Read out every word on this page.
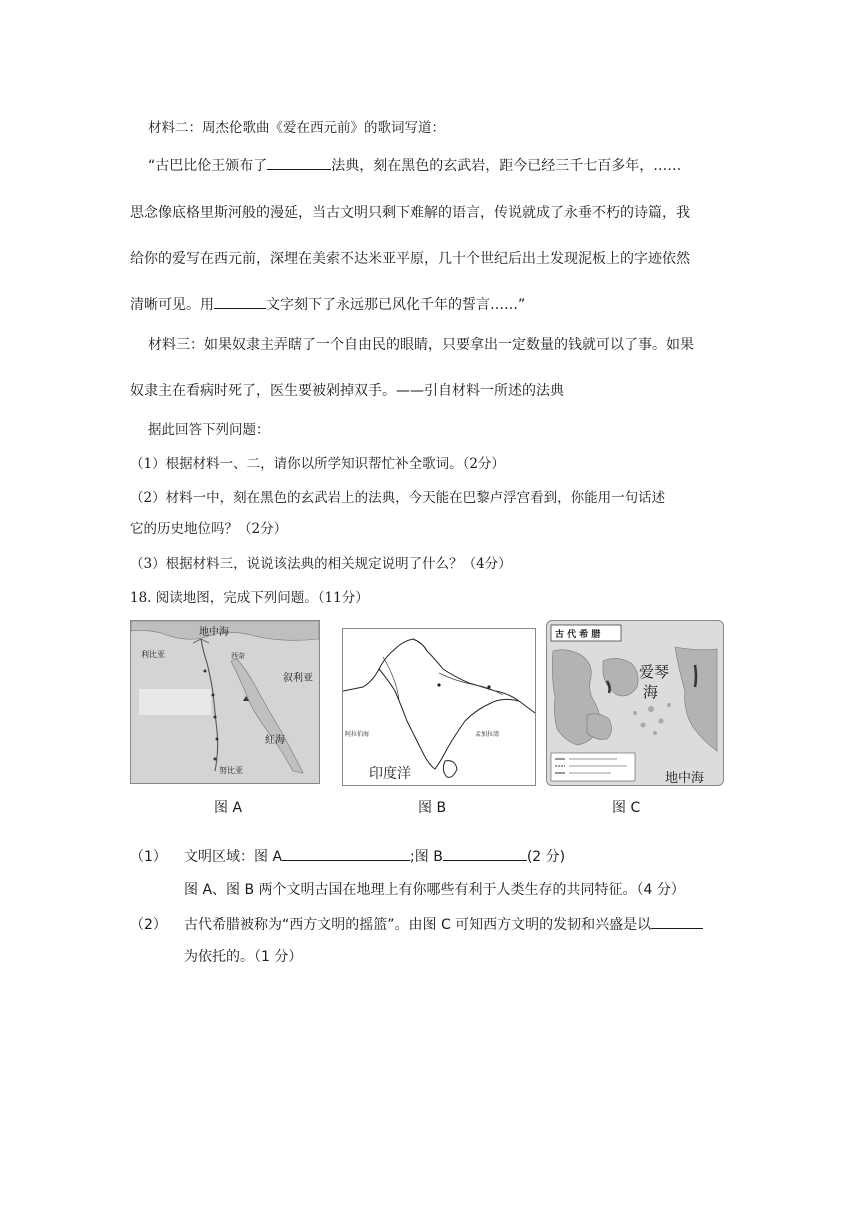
材料二：周杰伦歌曲《爱在西元前》的歌词写道：
“古巴比伦王颁布了	法典，刻在黑色的玄武岩，距今已经三千七百多年，……
思念像底格里斯河般的漫延，当古文明只剩下难解的语言，传说就成了永垂不朽的诗篇，我
给你的爱写在西元前，深埋在美索不达米亚平原，几十个世纪后出土发现泥板上的字迹依然
清晰可见。用	文字刻下了永远那已风化千年的誓言……”
材料三：如果奴隶主弄瞎了一个自由民的眼睛，只要拿出一定数量的钱就可以了事。如果
奴隶主在看病时死了，医生要被剁掉双手。——引自材料一所述的法典
据此回答下列问题：
（1）根据材料一、二，请你以所学知识帮忙补全歌词。（2分）
（2）材料一中，刻在黑色的玄武岩上的法典，今天能在巴黎卢浮宫看到，你能用一句话述
它的历史地位吗？（2分）
（3）根据材料三，说说该法典的相关规定说明了什么？（4分）
18. 阅读地图，完成下列问题。（11分）
地中海
利比亚	西奈
叙利亚
紅海
努比亚
图 A
阿拉伯海	孟加拉湾
印度洋
图 B
古 代 希 腊
爱琴
海
地中海
图 C
（1） 文明区域：图 A	;图 B	(2 分)
图 A、图 B 两个文明古国在地理上有你哪些有利于人类生存的共同特征。（4 分）
（2） 古代希腊被称为“西方文明的摇篮”。由图 C 可知西方文明的发韧和兴盛是以
为依托的。（1 分）
